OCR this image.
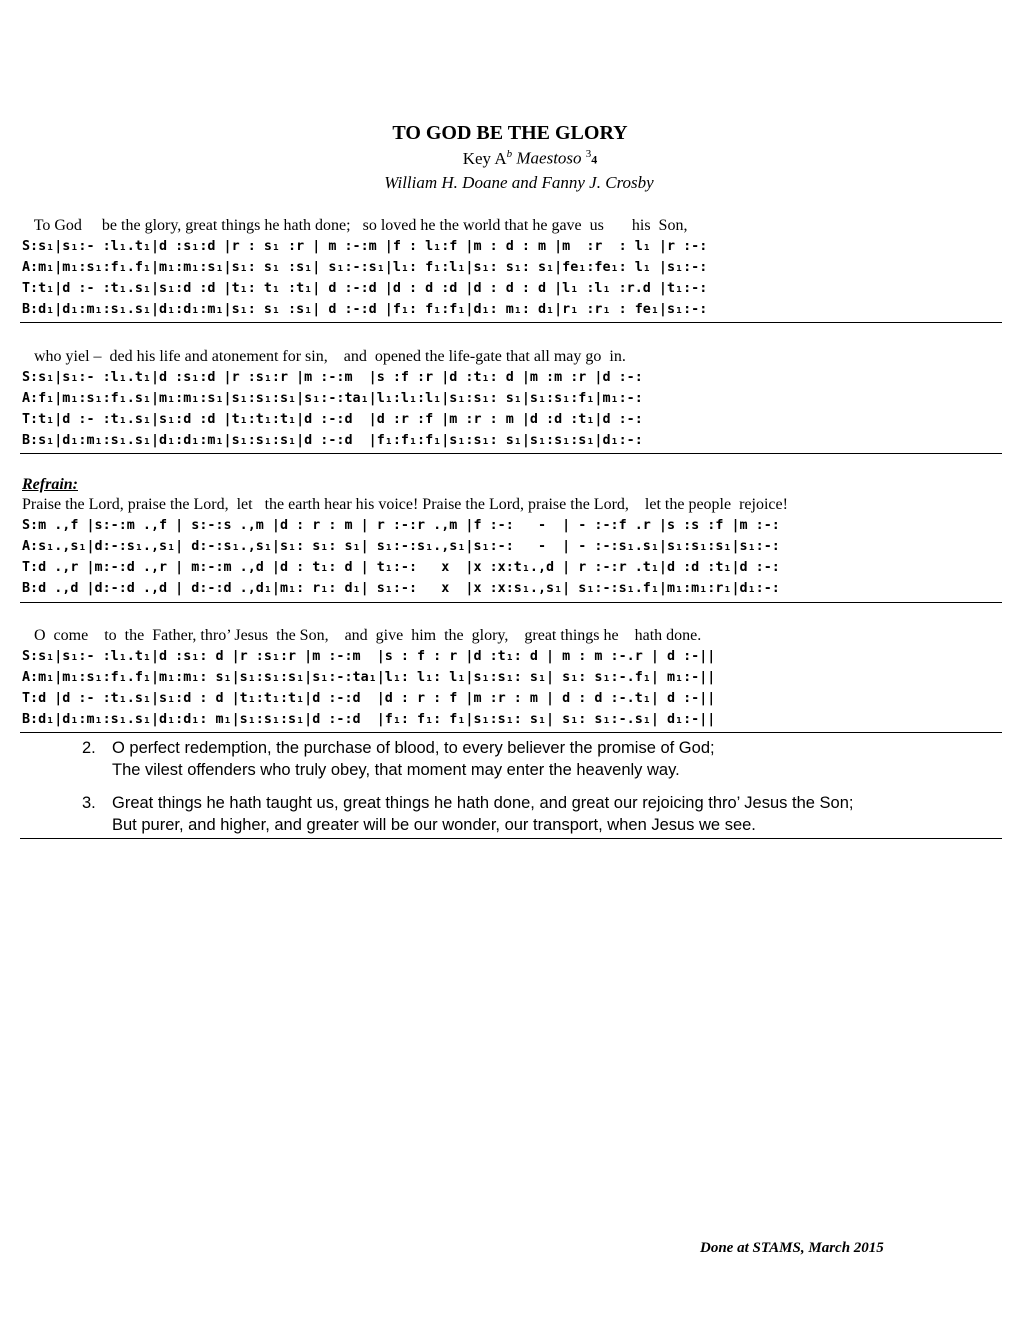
TO GOD BE THE GLORY
Key $A^b$ Maestoso $^3$4
William H. Doane and Fanny J. Crosby
To God     be the glory, great things he hath done;   so loved he the world that he gave  us       his  Son,
S:s₁|s₁:- :l₁.t₁|d :s₁:d |r : s₁ :r | m :-:m |f : l₁:f |m : d : m |m  :r  : l₁ |r :-:
A:m₁|m₁:s₁:f₁.f₁|m₁:m₁:s₁|s₁: s₁ :s₁| s₁:-:s₁|l₁: f₁:l₁|s₁: s₁: s₁|fe₁:fe₁: l₁ |s₁:-:
T:t₁|d :- :t₁.s₁|s₁:d :d |t₁: t₁ :t₁| d :-:d |d : d :d |d : d : d |l₁ :l₁ :r.d |t₁:-:
B:d₁|d₁:m₁:s₁.s₁|d₁:d₁:m₁|s₁: s₁ :s₁| d :-:d |f₁: f₁:f₁|d₁: m₁: d₁|r₁ :r₁ : fe₁|s₁:-:
who yiel –  ded his life and atonement for sin,    and  opened the life-gate that all may go  in.
S:s₁|s₁:- :l₁.t₁|d :s₁:d |r :s₁:r |m :-:m  |s :f :r |d :t₁: d |m :m :r |d :-:
A:f₁|m₁:s₁:f₁.s₁|m₁:m₁:s₁|s₁:s₁:s₁|s₁:-:ta₁|l₁:l₁:l₁|s₁:s₁: s₁|s₁:s₁:f₁|m₁:-:
T:t₁|d :- :t₁.s₁|s₁:d :d |t₁:t₁:t₁|d :-:d  |d :r :f |m :r : m |d :d :t₁|d :-:
B:s₁|d₁:m₁:s₁.s₁|d₁:d₁:m₁|s₁:s₁:s₁|d :-:d  |f₁:f₁:f₁|s₁:s₁: s₁|s₁:s₁:s₁|d₁:-:
Refrain:
Praise the Lord, praise the Lord,  let   the earth hear his voice! Praise the Lord, praise the Lord,    let the people  rejoice!
S:m .,f |s:-:m .,f | s:-:s .,m |d : r : m | r :-:r .,m |f :-:   -  | - :-:f .r |s :s :f |m :-:
A:s₁.,s₁|d:-:s₁.,s₁| d:-:s₁.,s₁|s₁: s₁: s₁| s₁:-:s₁.,s₁|s₁:-:   -  | - :-:s₁.s₁|s₁:s₁:s₁|s₁:-:
T:d .,r |m:-:d .,r | m:-:m .,d |d : t₁: d | t₁:-:   x  |x :x:t₁.,d | r :-:r .t₁|d :d :t₁|d :-:
B:d .,d |d:-:d .,d | d:-:d .,d₁|m₁: r₁: d₁| s₁:-:   x  |x :x:s₁.,s₁| s₁:-:s₁.f₁|m₁:m₁:r₁|d₁:-:
O  come    to  the  Father, thro’ Jesus  the Son,    and  give  him  the  glory,    great things he    hath done.
S:s₁|s₁:- :l₁.t₁|d :s₁: d |r :s₁:r |m :-:m  |s : f : r |d :t₁: d | m : m :-.r | d :-||
A:m₁|m₁:s₁:f₁.f₁|m₁:m₁: s₁|s₁:s₁:s₁|s₁:-:ta₁|l₁: l₁: l₁|s₁:s₁: s₁| s₁: s₁:-.f₁| m₁:-||
T:d |d :- :t₁.s₁|s₁:d : d |t₁:t₁:t₁|d :-:d  |d : r : f |m :r : m | d : d :-.t₁| d :-||
B:d₁|d₁:m₁:s₁.s₁|d₁:d₁: m₁|s₁:s₁:s₁|d :-:d  |f₁: f₁: f₁|s₁:s₁: s₁| s₁: s₁:-.s₁| d₁:-||
2. O perfect redemption, the purchase of blood, to every believer the promise of God;
The vilest offenders who truly obey, that moment may enter the heavenly way.
3. Great things he hath taught us, great things he hath done, and great our rejoicing thro’ Jesus the Son;
But purer, and higher, and greater will be our wonder, our transport, when Jesus we see.
Done at STAMS, March 2015
